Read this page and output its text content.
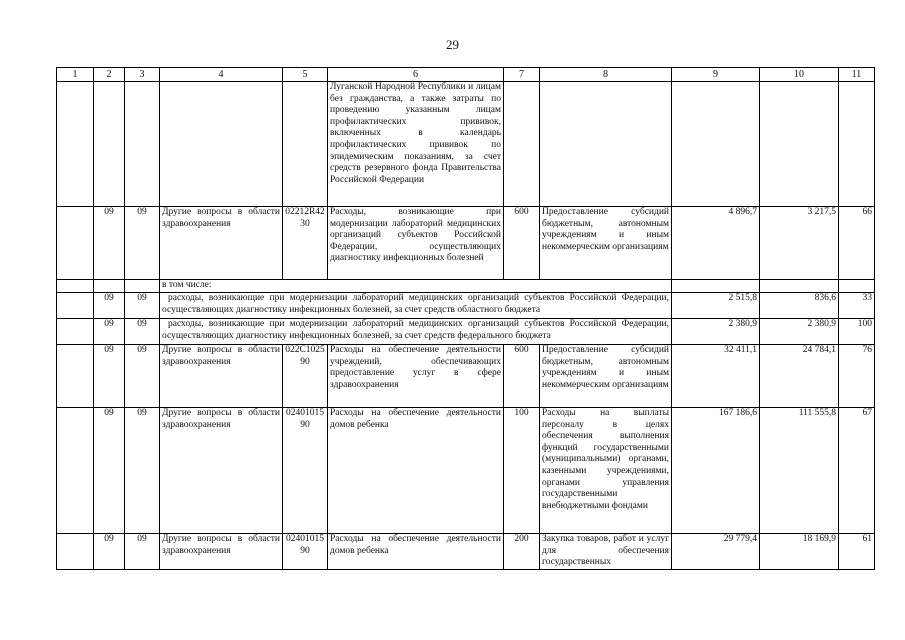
29
1	2	3	4	5	6	7	8	9	10	11
					Луганской Народной Республики и лицам без гражданства, а также затраты по проведению указанным лицам профилактических прививок, включенных в календарь профилактических прививок по эпидемическим показаниям, за счет средств резервного фонда Правительства Российской Федерации					
	09	09	Другие вопросы в области здравоохранения	02212R4230	Расходы, возникающие при модернизации лабораторий медицинских организаций субъектов Российской Федерации, осуществляющих диагностику инфекционных болезней	600	Предоставление субсидий бюджетным, автономным учреждениям и иным некоммерческим организациям	4 896,7	3 217,5	66
			в том числе:							
	09	09	расходы, возникающие при модернизации лабораторий медицинских организаций субъектов Российской Федерации, осуществляющих диагностику инфекционных болезней, за счет средств областного бюджета					2 515,8	836,6	33
	09	09	расходы, возникающие при модернизации лабораторий медицинских организаций субъектов Российской Федерации, осуществляющих диагностику инфекционных болезней, за счет средств федерального бюджета					2 380,9	2 380,9	100
	09	09	Другие вопросы в области здравоохранения	022С102590	Расходы на обеспечение деятельности учреждений, обеспечивающих предоставление услуг в сфере здравоохранения	600	Предоставление субсидий бюджетным, автономным учреждениям и иным некоммерческим организациям	32 411,1	24 784,1	76
	09	09	Другие вопросы в области здравоохранения	0240101590	Расходы на обеспечение деятельности домов ребенка	100	Расходы на выплаты персоналу в целях обеспечения выполнения функций государственными (муниципальными) органами, казенными учреждениями, органами управления государственными внебюджетными фондами	167 186,6	111 555,8	67
	09	09	Другие вопросы в области здравоохранения	0240101590	Расходы на обеспечение деятельности домов ребенка	200	Закупка товаров, работ и услуг для обеспечения государственных	29 779,4	18 169,9	61
